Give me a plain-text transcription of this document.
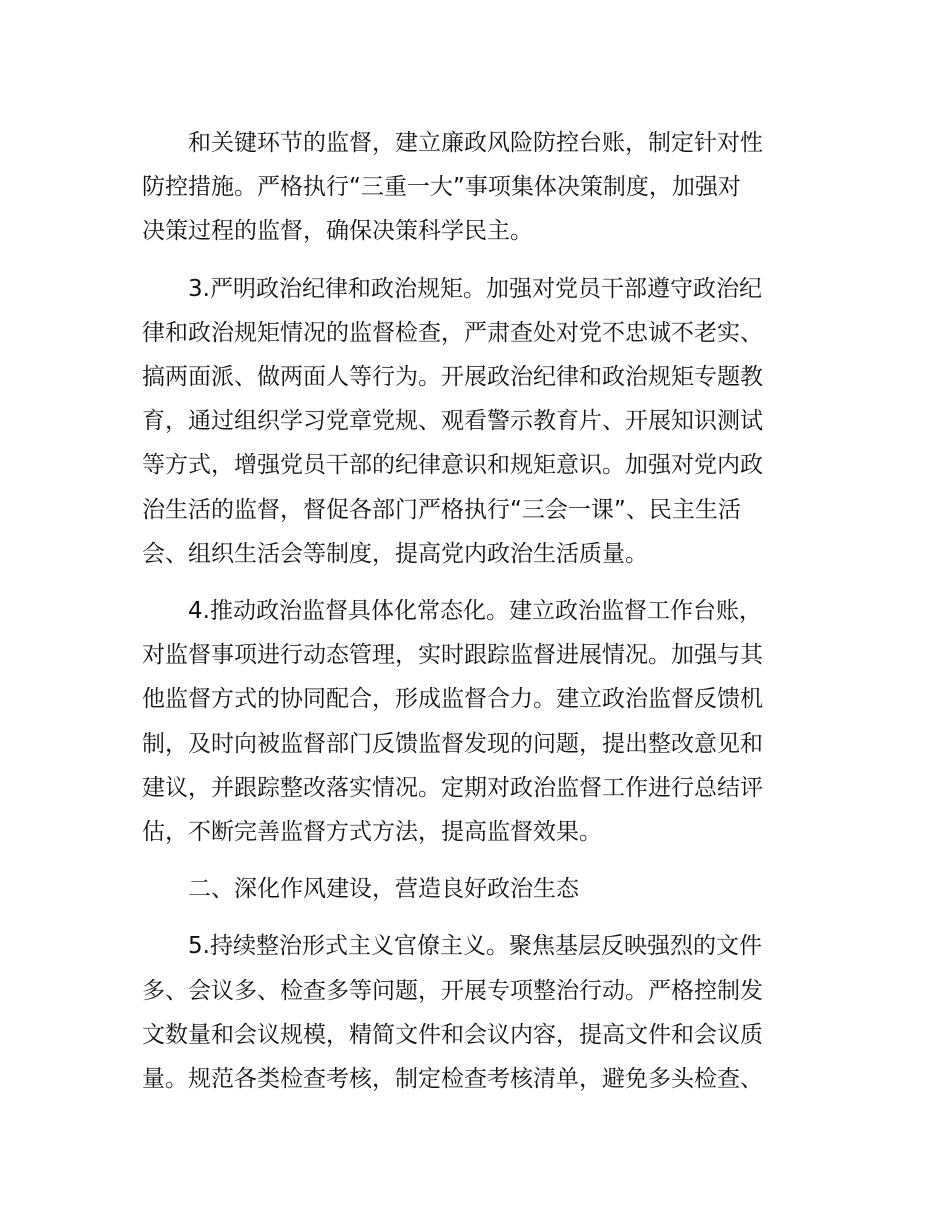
和关键环节的监督，建立廉政风险防控台账，制定针对性
防控措施。严格执行“三重一大”事项集体决策制度，加强对
决策过程的监督，确保决策科学民主。

3.严明政治纪律和政治规矩。加强对党员干部遵守政治纪
律和政治规矩情况的监督检查，严肃查处对党不忠诚不老实、
搞两面派、做两面人等行为。开展政治纪律和政治规矩专题教
育，通过组织学习党章党规、观看警示教育片、开展知识测试
等方式，增强党员干部的纪律意识和规矩意识。加强对党内政
治生活的监督，督促各部门严格执行“三会一课”、民主生活
会、组织生活会等制度，提高党内政治生活质量。

4.推动政治监督具体化常态化。建立政治监督工作台账，
对监督事项进行动态管理，实时跟踪监督进展情况。加强与其
他监督方式的协同配合，形成监督合力。建立政治监督反馈机
制，及时向被监督部门反馈监督发现的问题，提出整改意见和
建议，并跟踪整改落实情况。定期对政治监督工作进行总结评
估，不断完善监督方式方法，提高监督效果。

二、深化作风建设，营造良好政治生态

5.持续整治形式主义官僚主义。聚焦基层反映强烈的文件
多、会议多、检查多等问题，开展专项整治行动。严格控制发
文数量和会议规模，精简文件和会议内容，提高文件和会议质
量。规范各类检查考核，制定检查考核清单，避免多头检查、
